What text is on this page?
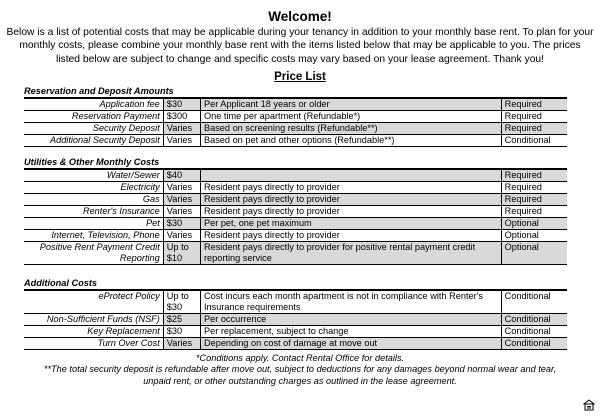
Welcome!
Below is a list of potential costs that may be applicable during your tenancy in addition to your monthly base rent. To plan for your monthly costs, please combine your monthly base rent with the items listed below that may be applicable to you. The prices listed below are subject to change and specific costs may vary based on your lease agreement. Thank you!
Price List
Reservation and Deposit Amounts
Application fee	$30	Per Applicant 18 years or older	Required
Reservation Payment	$300	One time per apartment (Refundable*)	Required
Security Deposit	Varies	Based on screening results (Refundable**)	Required
Additional Security Deposit	Varies	Based on pet and other options (Refundable**)	Conditional
Utilities & Other Monthly Costs
Water/Sewer	$40		Required
Electricity	Varies	Resident pays directly to provider	Required
Gas	Varies	Resident pays directly to provider	Required
Renter's Insurance	Varies	Resident pays directly to provider	Required
Pet	$30	Per pet, one pet maximum	Optional
Internet, Television, Phone	Varies	Resident pays directly to provider	Optional
Positive Rent Payment Credit Reporting	Up to $10	Resident pays directly to provider for positive rental payment credit reporting service	Optional
Additional Costs
eProtect Policy	Up to $30	Cost incurs each month apartment is not in compliance with Renter's Insurance requirements	Conditional
Non-Sufficient Funds (NSF)	$25	Per occurrence	Conditional
Key Replacement	$30	Per replacement, subject to change	Conditional
Turn Over Cost	Varies	Depending on cost of damage at move out	Conditional
*Conditions apply. Contact Rental Office for details.
**The total security deposit is refundable after move out, subject to deductions for any damages beyond normal wear and tear, unpaid rent, or other outstanding charges as outlined in the lease agreement.
